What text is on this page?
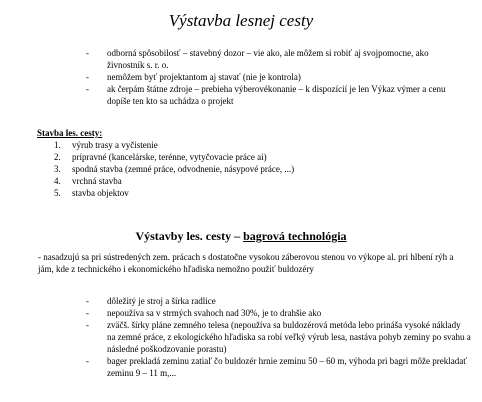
Výstavba lesnej cesty
- odborná spôsobilosť – stavebný dozor – vie ako, ale môžem si robiť aj svojpomocne, ako živnostník s. r. o.
- nemôžem byť projektantom aj stavať (nie je kontrola)
- ak čerpám štátne zdroje – prebieha výberovékonanie – k dispozícií je len Výkaz výmer a cenu dopíše ten kto sa uchádza o projekt
Stavba les. cesty:
1. výrub trasy a vyčistenie
2. prípravné (kancelárske, terénne, vytyčovacie práce ai)
3. spodná stavba (zemné práce, odvodnenie, násypové práce, ...)
4. vrchná stavba
5. stavba objektov
Výstavby les. cesty – bagrová technológia

- nasadzujú sa pri sústredených zem. prácach s dostatočne vysokou záberovou stenou vo výkope al. pri hlbení rýh a jám, kde z technického i ekonomického hľadiska nemožno použiť buldozéry

- dôležitý je stroj a šírka radlice
- nepoužíva sa v strmých svahoch nad 30%, je to drahšie ako
- zväčš. šírky pláne zemného telesa (nepoužíva sa buldozérová metóda lebo prináša vysoké náklady na zemné práce, z ekologického hľadiska sa robí veľký výrub lesa, nastáva pohyb zeminy po svahu a následné poškodzovanie porastu)
- bager prekladá zeminu zatiaľ čo buldozér hrnie zeminu 50 – 60 m, výhoda pri bagri môže prekladať zeminu 9 – 11 m,...
